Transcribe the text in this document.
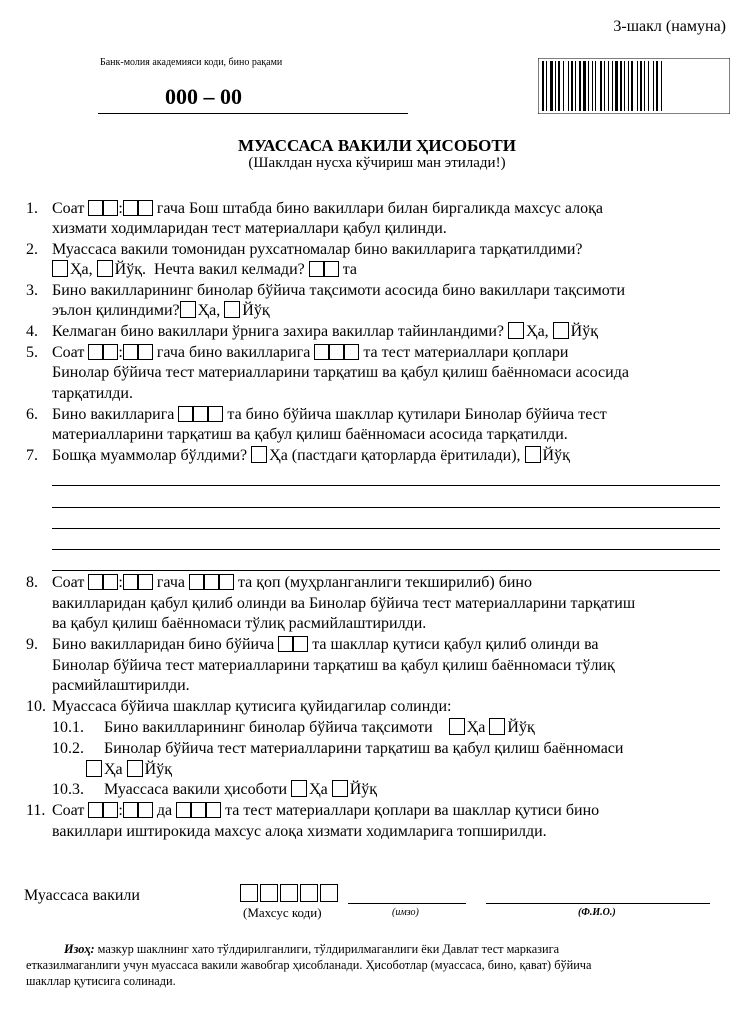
3-шакл (намуна)
Банк-молия академияси коди, бино рақами
000 – 00
МУАССАСА ВАКИЛИ ҲИСОБОТИ
(Шаклдан нусха кўчириш ман этилади!)
1. Соат : гача Бош штабда бино вакиллари билан биргаликда махсус алоқа
хизмати ходимларидан тест материаллари қабул қилинди.
2. Муассаса вакили томонидан рухсатномалар бино вакилларига тарқатилдими?
Ҳа, Йўқ. Нечта вакил келмади? та
3. Бино вакилларининг бинолар бўйича тақсимоти асосида бино вакиллари тақсимоти
эълон қилиндими? Ҳа, Йўқ
4. Келмаган бино вакиллари ўрнига захира вакиллар тайинландими? Ҳа, Йўқ
5. Соат : гача бино вакилларига	та тест материаллари қоплари
Бинолар бўйича тест материалларини тарқатиш ва қабул қилиш баённомаси асосида
тарқатилди.
6. Бино вакилларига	та бино бўйича шакллар қутилари Бинолар бўйича тест
материалларини тарқатиш ва қабул қилиш баённомаси асосида тарқатилди.
7. Бошқа муаммолар бўлдими? Ҳа (пастдаги қаторларда ёритилади), Йўқ
8. Соат : гача	та қоп (муҳрланганлиги текширилиб) бино
вакилларидан қабул қилиб олинди ва Бинолар бўйича тест материалларини тарқатиш
ва қабул қилиш баённомаси тўлиқ расмийлаштирилди.
9. Бино вакилларидан бино бўйича та шакллар қутиси қабул қилиб олинди ва
Бинолар бўйича тест материалларини тарқатиш ва қабул қилиш баённомаси тўлиқ
расмийлаштирилди.
10. Муассаса бўйича шакллар қутисига қуйидагилар солинди:
10.1. Бино вакилларининг бинолар бўйича тақсимоти Ҳа Йўқ
10.2. Бинолар бўйича тест материалларини тарқатиш ва қабул қилиш баённомаси
Ҳа Йўқ
10.3. Муассаса вакили ҳисоботи Ҳа Йўқ
11. Соат : да	та тест материаллари қоплари ва шакллар қутиси бино
вакиллари иштирокида махсус алоқа хизмати ходимларига топширилди.
Муассаса вакили
(Махсус коди)	(имзо)	(Ф.И.О.)
Изоҳ: мазкур шаклнинг хато тўлдирилганлиги, тўлдирилмаганлиги ёки Давлат тест марказига
етказилмаганлиги учун муассаса вакили жавобгар ҳисобланади. Ҳисоботлар (муассаса, бино, қават) бўйича
шакллар қутисига солинади.
